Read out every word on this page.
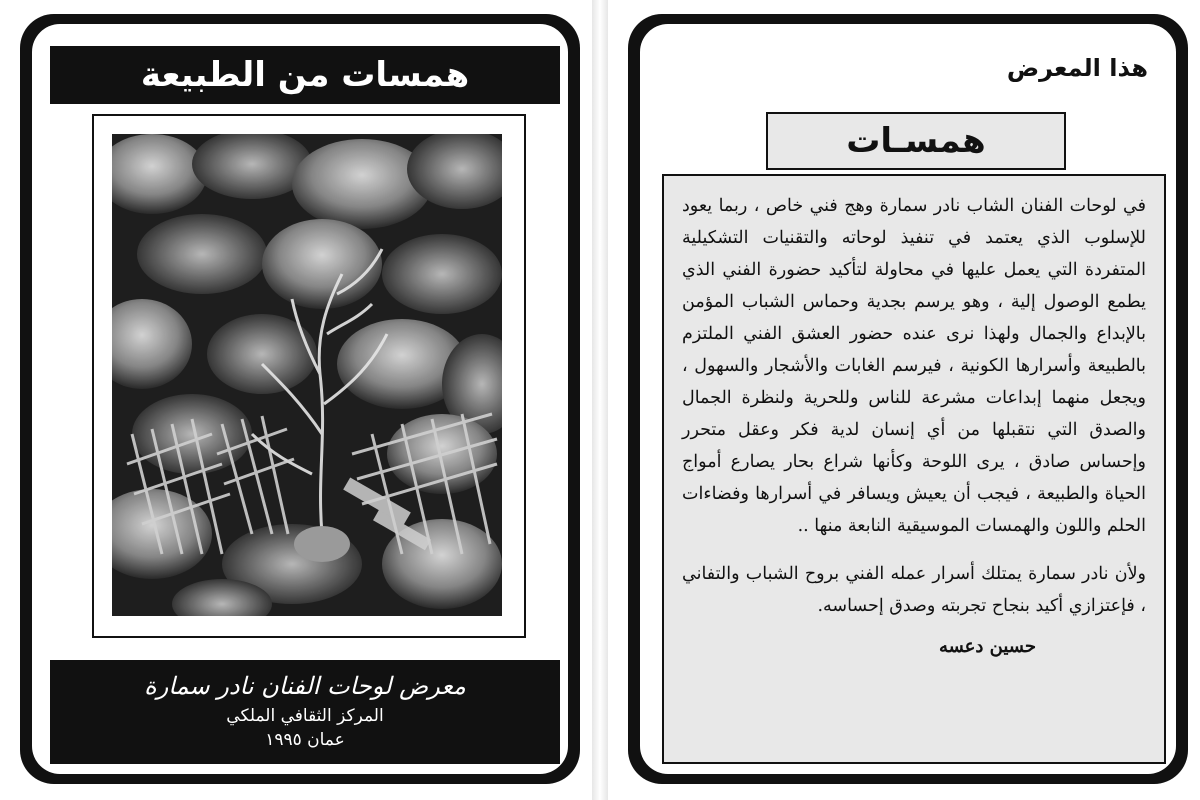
همسات من الطبيعة
معرض لوحات الفنان نادر سمارة
المركز الثقافي الملكي
عمان ١٩٩٥
هذا المعرض
همسـات

في لوحات الفنان الشاب نادر سمارة وهج فني خاص ، ربما يعود للإسلوب الذي يعتمد في تنفيذ لوحاته والتقنيات التشكيلية المتفردة التي يعمل عليها في محاولة لتأكيد حضورة الفني الذي يطمع الوصول إلية ، وهو يرسم بجدية وحماس الشباب المؤمن بالإبداع والجمال ولهذا نرى عنده حضور العشق الفني الملتزم بالطبيعة وأسرارها الكونية ، فيرسم الغابات والأشجار والسهول ، ويجعل منهما إبداعات مشرعة للناس وللحرية ولنظرة الجمال والصدق التي نتقبلها من أي إنسان لدية فكر وعقل متحرر وإحساس صادق ، يرى اللوحة وكأنها شراع بحار يصارع أمواج الحياة والطبيعة ، فيجب أن يعيش ويسافر في أسرارها وفضاءات الحلم واللون والهمسات الموسيقية النابعة منها ..

ولأن نادر سمارة يمتلك أسرار عمله الفني بروح الشباب والتفاني ، فإعتزازي أكيد بنجاح تجربته وصدق إحساسه.

حسين دعسه
